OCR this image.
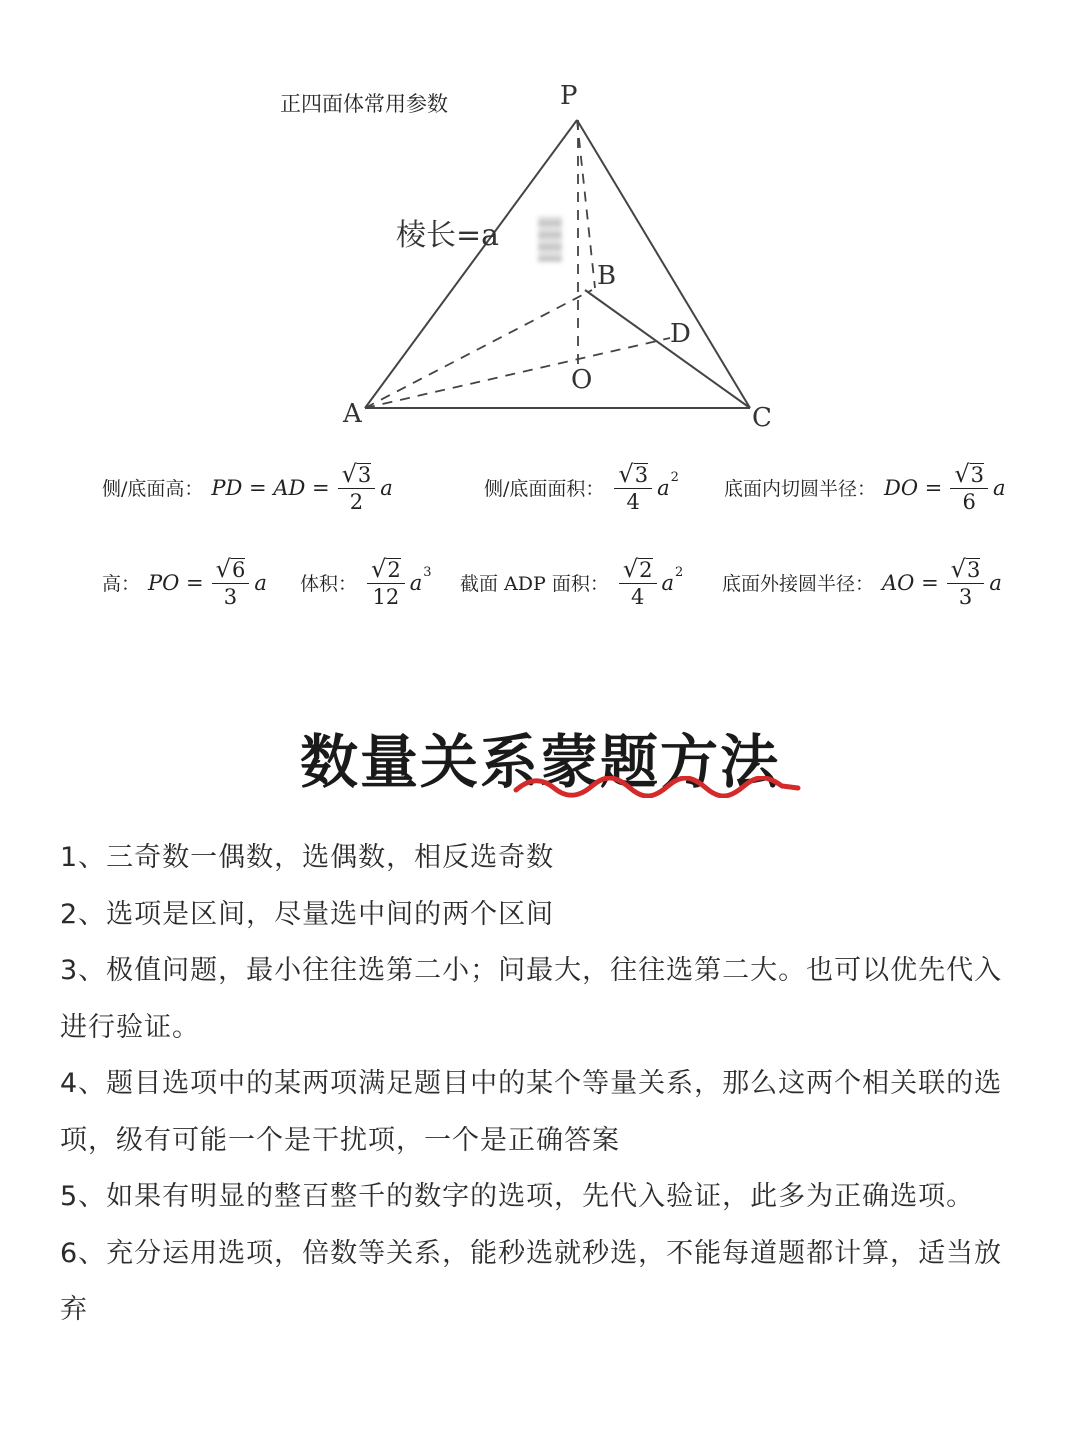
P
A
B
C
D
O
正四面体常用参数
棱长=a
侧/底面高： PD = AD = $\frac{√ 3}{2}$ a	侧/底面面积： $\frac{√ 3}{4}$ a 2
底面内切圆半径： DO = $\frac{√ 3}{6}$ a
高： PO = $\frac{√ 6}{3}$ a 体积： $\frac{√ 2}{12}$ a 3
截面 ADP 面积： $\frac{√ 2}{4}$ a 2
底面外接圆半径： AO = $\frac{√ 3}{3}$ a
数量关系蒙题方法
1、三奇数一偶数，选偶数，相反选奇数
2、选项是区间，尽量选中间的两个区间
3、极值问题，最小往往选第二小；问最大，往往选第二大。也可以优先代入进行验证。
4、题目选项中的某两项满足题目中的某个等量关系，那么这两个相关联的选项，级有可能一个是干扰项，一个是正确答案
5、如果有明显的整百整千的数字的选项，先代入验证，此多为正确选项。
6、充分运用选项，倍数等关系，能秒选就秒选，不能每道题都计算，适当放弃
